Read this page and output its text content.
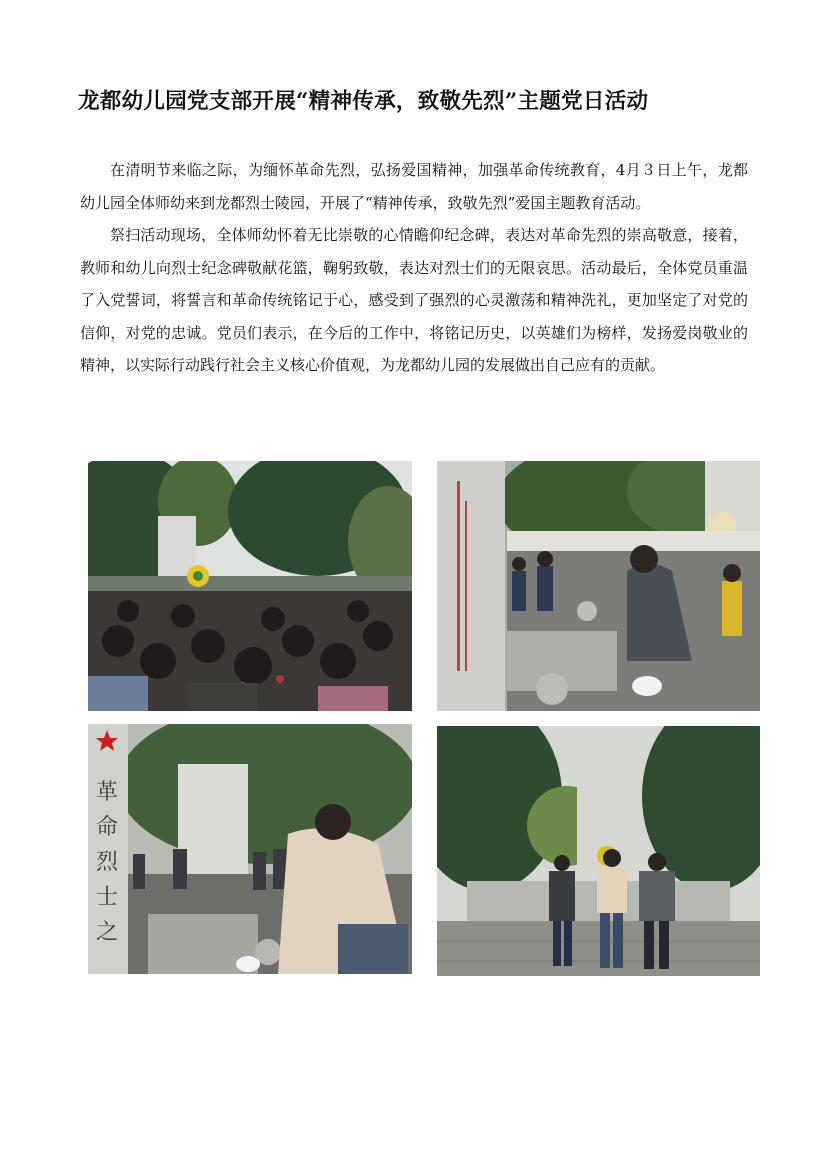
龙都幼儿园党支部开展“精神传承，致敬先烈”主题党日活动

在清明节来临之际，为缅怀革命先烈，弘扬爱国精神，加强革命传统教育，4月３日上午，龙都幼儿园全体师幼来到龙都烈士陵园，开展了“精神传承，致敬先烈”爱国主题教育活动。

祭扫活动现场，全体师幼怀着无比崇敬的心情瞻仰纪念碑，表达对革命先烈的崇高敬意，接着，教师和幼儿向烈士纪念碑敬献花篮，鞠躬致敬，表达对烈士们的无限哀思。活动最后，全体党员重温了入党誓词，将誓言和革命传统铭记于心，感受到了强烈的心灵激荡和精神洗礼，更加坚定了对党的信仰，对党的忠诚。党员们表示，在今后的工作中，将铭记历史，以英雄们为榜样，发扬爱岗敬业的精神，以实际行动践行社会主义核心价值观，为龙都幼儿园的发展做出自己应有的贡献。

革
命
烈
士
之
